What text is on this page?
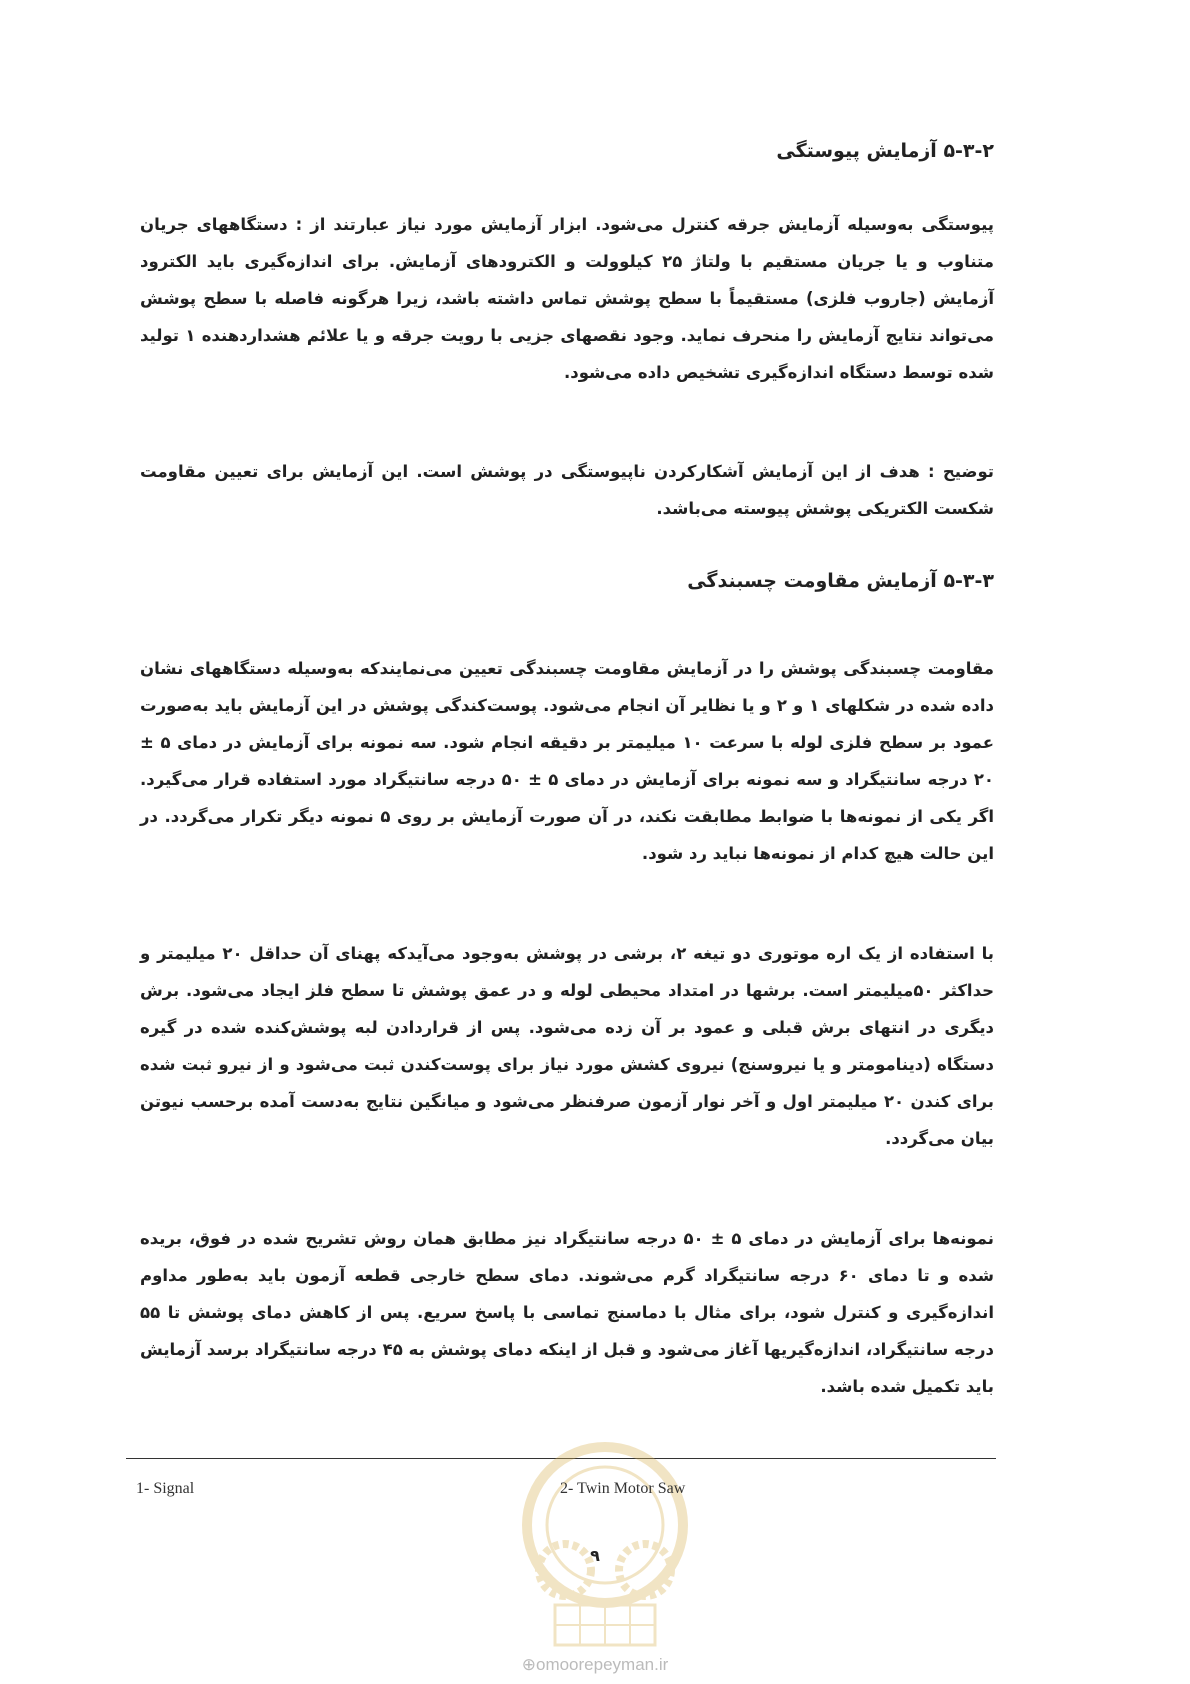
۵-۳-۲ آزمایش پیوستگی

پیوستگی به‌وسیله آزمایش جرقه کنترل می‌شود. ابزار آزمایش مورد نیاز عبارتند از : دستگاههای جریان متناوب و یا جریان مستقیم با ولتاژ ۲۵ کیلوولت و الکترودهای آزمایش. برای اندازه‌گیری باید الکترود آزمایش (جاروب فلزی) مستقیماً با سطح پوشش تماس داشته باشد، زیرا هرگونه فاصله با سطح پوشش می‌تواند نتایج آزمایش را منحرف نماید. وجود نقصهای جزیی با رویت جرقه و یا علائم هشداردهنده ۱ تولید شده توسط دستگاه اندازه‌گیری تشخیص داده می‌شود.

توضیح : هدف از این آزمایش آشکارکردن ناپیوستگی در پوشش است. این آزمایش برای تعیین مقاومت شکست الکتریکی پوشش پیوسته می‌باشد.

۵-۳-۳ آزمایش مقاومت چسبندگی

مقاومت چسبندگی پوشش را در آزمایش مقاومت چسبندگی تعیین می‌نمایندکه به‌وسیله دستگاههای نشان داده شده در شکلهای ۱ و ۲ و یا نظایر آن انجام می‌شود. پوست‌کندگی پوشش در این آزمایش باید به‌صورت عمود بر سطح فلزی لوله با سرعت ۱۰ میلیمتر بر دقیقه انجام شود. سه نمونه برای آزمایش در دمای ۵ ± ۲۰ درجه سانتیگراد و سه نمونه برای آزمایش در دمای ۵ ± ۵۰ درجه سانتیگراد مورد استفاده قرار می‌گیرد. اگر یکی از نمونه‌ها با ضوابط مطابقت نکند، در آن صورت آزمایش بر روی ۵ نمونه دیگر تکرار می‌گردد. در این حالت هیچ کدام از نمونه‌ها نباید رد شود.

با استفاده از یک اره موتوری دو تیغه ۲، برشی در پوشش به‌وجود می‌آیدکه پهنای آن حداقل ۲۰ میلیمتر و حداکثر ۵۰میلیمتر است. برشها در امتداد محیطی لوله و در عمق پوشش تا سطح فلز ایجاد می‌شود. برش دیگری در انتهای برش قبلی و عمود بر آن زده می‌شود. پس از قراردادن لبه پوشش‌کنده شده در گیره دستگاه (دینامومتر و یا نیروسنج) نیروی کشش مورد نیاز برای پوست‌کندن ثبت می‌شود و از نیرو ثبت شده برای کندن ۲۰ میلیمتر اول و آخر نوار آزمون صرفنظر می‌شود و میانگین نتایج به‌دست آمده برحسب نیوتن بیان می‌گردد.

نمونه‌ها برای آزمایش در دمای ۵ ± ۵۰ درجه سانتیگراد نیز مطابق همان روش تشریح شده در فوق، بریده شده و تا دمای ۶۰ درجه سانتیگراد گرم می‌شوند. دمای سطح خارجی قطعه آزمون باید به‌طور مداوم اندازه‌گیری و کنترل شود، برای مثال با دماسنج تماسی با پاسخ سریع. پس از کاهش دمای پوشش تا ۵۵ درجه سانتیگراد، اندازه‌گیریها آغاز می‌شود و قبل از اینکه دمای پوشش به ۴۵ درجه سانتیگراد برسد آزمایش باید تکمیل شده باشد.

1- Signal	2- Twin Motor Saw
۹
⊕omoorepeyman.ir
